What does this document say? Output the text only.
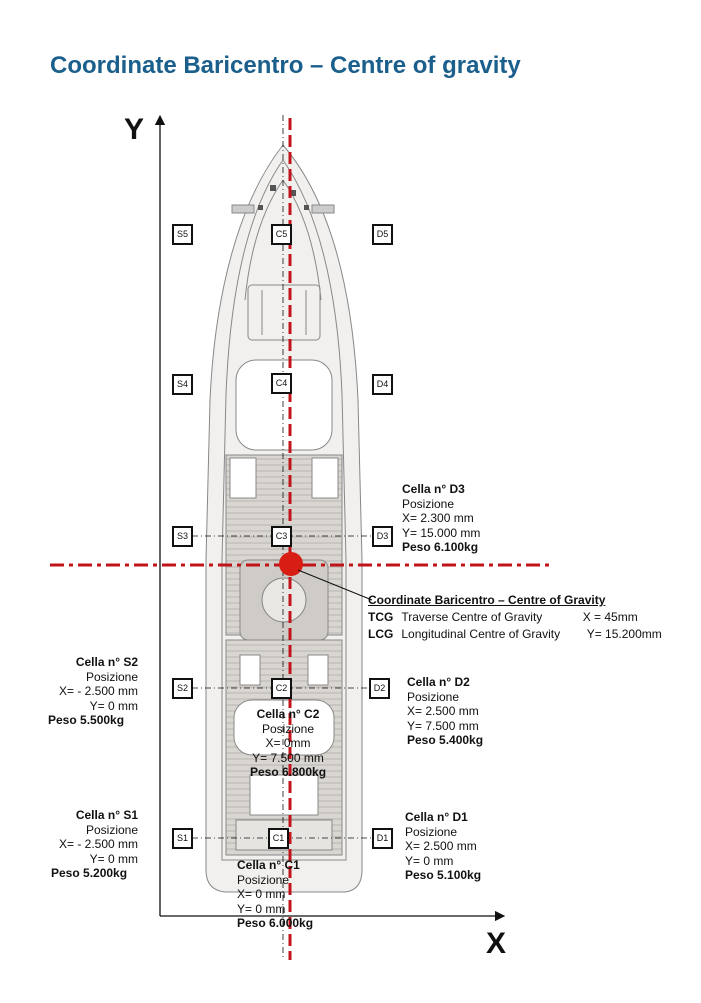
Coordinate Baricentro – Centre of gravity
Y
X
S5	C5	D5
S4	C4	D4
S3	C3	D3
S2	C2	D2
S1	C1	D1
Cella n° D3
Posizione
X= 2.300 mm
Y= 15.000 mm
Peso 6.100kg
Cella n° S2
Posizione
X= - 2.500 mm
Y= 0 mm
Peso 5.500kg
Cella n° D2
Posizione
X= 2.500 mm
Y= 7.500 mm
Peso 5.400kg
Cella n° C2
Posizione
X= 0mm
Y= 7.500 mm
Peso 6.800kg
Cella n° S1
Posizione
X= - 2.500 mm
Y= 0 mm
Peso 5.200kg
Cella n° D1
Posizione
X= 2.500 mm
Y= 0 mm
Peso 5.100kg
Cella n° C1
Posizione
X= 0 mm
Y= 0 mm
Peso 6.000kg
Coordinate Baricentro – Centre of Gravity
TCG Traverse Centre of Gravity	X = 45mm
LCG Longitudinal Centre of Gravity Y= 15.200mm
